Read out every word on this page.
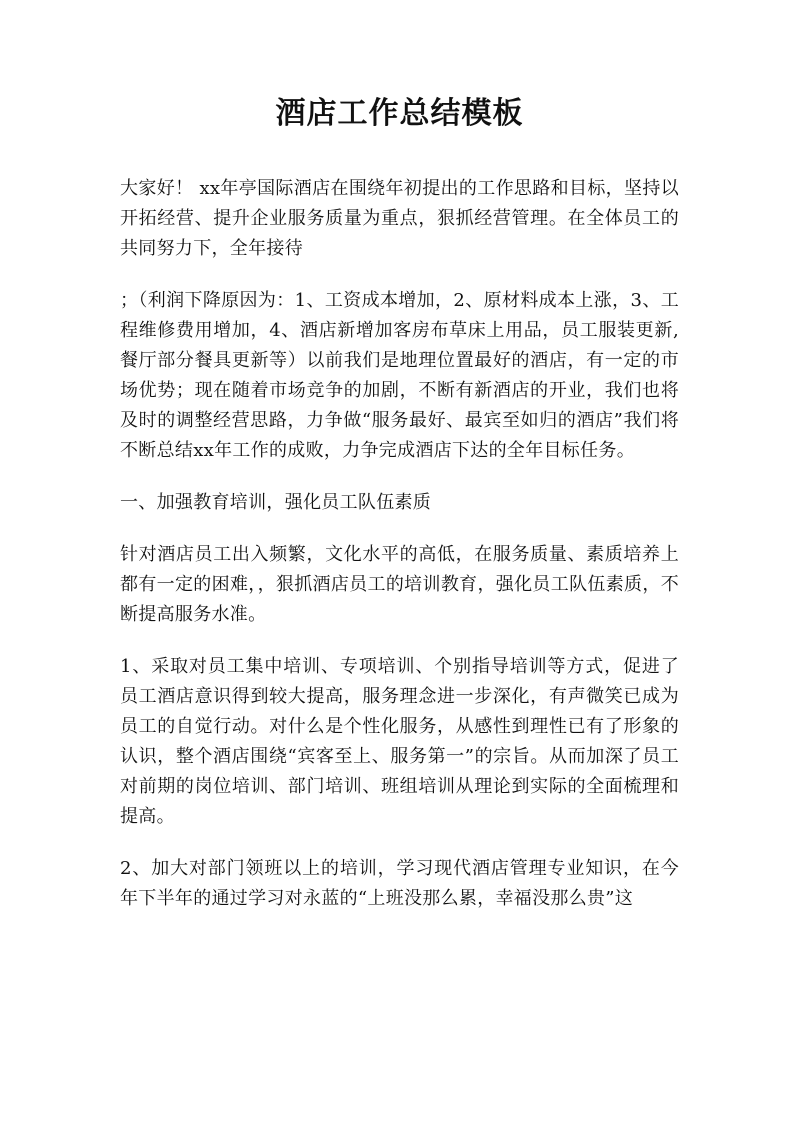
酒店工作总结模板

大家好！ xx年亭国际酒店在围绕年初提出的工作思路和目标，坚持以开拓经营、提升企业服务质量为重点，狠抓经营管理。在全体员工的共同努力下，全年接待

；（利润下降原因为：1、工资成本增加，2、原材料成本上涨，3、工程维修费用增加，4、酒店新增加客房布草床上用品，员工服装更新,餐厅部分餐具更新等）以前我们是地理位置最好的酒店，有一定的市场优势；现在随着市场竞争的加剧，不断有新酒店的开业，我们也将及时的调整经营思路，力争做“服务最好、最宾至如归的酒店”我们将不断总结xx年工作的成败，力争完成酒店下达的全年目标任务。

一、加强教育培训，强化员工队伍素质

针对酒店员工出入频繁，文化水平的高低，在服务质量、素质培养上都有一定的困难，，狠抓酒店员工的培训教育，强化员工队伍素质，不断提高服务水准。

1、采取对员工集中培训、专项培训、个别指导培训等方式，促进了员工酒店意识得到较大提高，服务理念进一步深化，有声微笑已成为员工的自觉行动。对什么是个性化服务，从感性到理性已有了形象的认识，整个酒店围绕“宾客至上、服务第一”的宗旨。从而加深了员工对前期的岗位培训、部门培训、班组培训从理论到实际的全面梳理和提高。

2、加大对部门领班以上的培训，学习现代酒店管理专业知识，在今年下半年的通过学习对永蓝的“上班没那么累，幸福没那么贵”这
